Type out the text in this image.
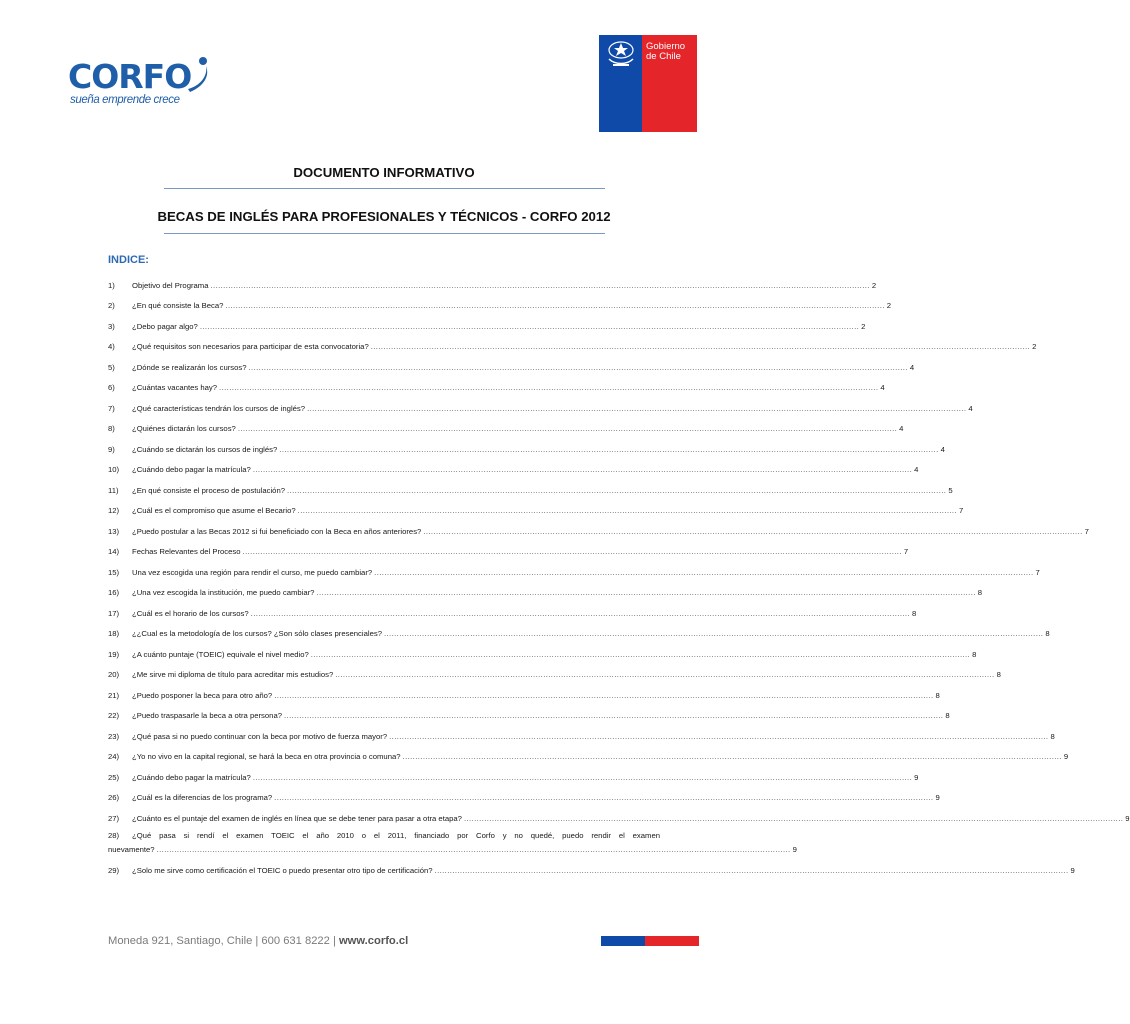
CORFO
sueña emprende crece
Gobierno
de Chile
DOCUMENTO INFORMATIVO
BECAS DE INGLÉS PARA PROFESIONALES Y TÉCNICOS - CORFO 2012
INDICE:
1)	Objetivo del Programa .................................................................................................................................................................................................................................................................... 2
2)	¿En qué consiste la Beca? .................................................................................................................................................................................................................................................................... 2
3)	¿Debo pagar algo? .................................................................................................................................................................................................................................................................... 2
4)	¿Qué requisitos son necesarios para participar de esta convocatoria? .................................................................................................................................................................................................................................................................... 2
5)	¿Dónde se realizarán los cursos? .................................................................................................................................................................................................................................................................... 4
6)	¿Cuántas vacantes hay? .................................................................................................................................................................................................................................................................... 4
7)	¿Qué características tendrán los cursos de inglés? .................................................................................................................................................................................................................................................................... 4
8)	¿Quiénes dictarán los cursos? .................................................................................................................................................................................................................................................................... 4
9)	¿Cuándo se dictarán los cursos de inglés? .................................................................................................................................................................................................................................................................... 4
10)	¿Cuándo debo pagar la matrícula? .................................................................................................................................................................................................................................................................... 4
11)	¿En qué consiste el proceso de postulación? .................................................................................................................................................................................................................................................................... 5
12)	¿Cuál es el compromiso que asume el Becario? .................................................................................................................................................................................................................................................................... 7
13)	¿Puedo postular a las Becas 2012 si fui beneficiado con la Beca en años anteriores? .................................................................................................................................................................................................................................................................... 7
14)	Fechas Relevantes del Proceso .................................................................................................................................................................................................................................................................... 7
15)	Una vez escogida una región para rendir el curso, me puedo cambiar? .................................................................................................................................................................................................................................................................... 7
16)	¿Una vez escogida la institución, me puedo cambiar? .................................................................................................................................................................................................................................................................... 8
17)	¿Cuál es el horario de los cursos? .................................................................................................................................................................................................................................................................... 8
18)	¿¿Cual es la metodología de los cursos? ¿Son sólo clases presenciales? .................................................................................................................................................................................................................................................................... 8
19)	¿A cuánto puntaje (TOEIC) equivale el nivel medio? .................................................................................................................................................................................................................................................................... 8
20)	¿Me sirve mi diploma de título para acreditar mis estudios? .................................................................................................................................................................................................................................................................... 8
21)	¿Puedo posponer la beca para otro año? .................................................................................................................................................................................................................................................................... 8
22)	¿Puedo traspasarle la beca a otra persona? .................................................................................................................................................................................................................................................................... 8
23)	¿Qué pasa si no puedo continuar con la beca por motivo de fuerza mayor? .................................................................................................................................................................................................................................................................... 8
24)	¿Yo no vivo en la capital regional, se hará la beca en otra provincia o comuna? .................................................................................................................................................................................................................................................................... 9
25)	¿Cuándo debo pagar la matrícula? .................................................................................................................................................................................................................................................................... 9
26)	¿Cuál es la diferencias de los programa? .................................................................................................................................................................................................................................................................... 9
27)	¿Cuánto es el puntaje del examen de inglés en línea que se debe tener para pasar a otra etapa? .................................................................................................................................................................................................................................................................... 9
28)	¿Qué pasa si rendí el examen TOEIC el año 2010 o el 2011, financiado por Corfo y no quedé, puedo rendir el examen
nuevamente? .......................................................................................................................................................................................................................................................... 9
29)	¿Solo me sirve como certificación el TOEIC o puedo presentar otro tipo de certificación? .......................................................................................................................................................................................................................................................... 9
Moneda 921, Santiago, Chile | 600 631 8222 | www.corfo.cl
